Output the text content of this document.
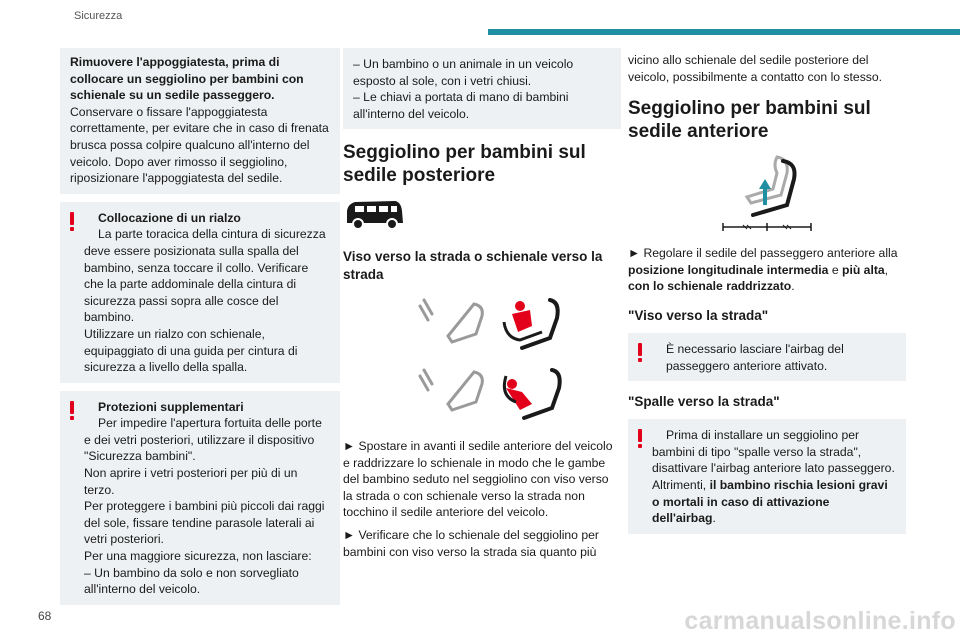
Sicurezza

Rimuovere l'appoggiatesta, prima di collocare un seggiolino per bambini con schienale su un sedile passeggero.
Conservare o fissare l'appoggiatesta correttamente, per evitare che in caso di frenata brusca possa colpire qualcuno all'interno del veicolo. Dopo aver rimosso il seggiolino, riposizionare l'appoggiatesta del sedile.

Collocazione di un rialzo

La parte toracica della cintura di sicurezza deve essere posizionata sulla spalla del bambino, senza toccare il collo. Verificare che la parte addominale della cintura di sicurezza passi sopra alle cosce del bambino.

Utilizzare un rialzo con schienale, equipaggiato di una guida per cintura di sicurezza a livello della spalla.

Protezioni supplementari

Per impedire l'apertura fortuita delle porte e dei vetri posteriori, utilizzare il dispositivo "Sicurezza bambini".

Non aprire i vetri posteriori per più di un terzo.

Per proteggere i bambini più piccoli dai raggi del sole, fissare tendine parasole laterali ai vetri posteriori.

Per una maggiore sicurezza, non lasciare:

– Un bambino da solo e non sorvegliato all'interno del veicolo.

– Un bambino o un animale in un veicolo esposto al sole, con i vetri chiusi.

– Le chiavi a portata di mano di bambini all'interno del veicolo.

Seggiolino per bambini sul sedile posteriore
Viso verso la strada o schienale verso la strada

► Spostare in avanti il sedile anteriore del veicolo e raddrizzare lo schienale in modo che le gambe del bambino seduto nel seggiolino con viso verso la strada o con schienale verso la strada non tocchino il sedile anteriore del veicolo.

► Verificare che lo schienale del seggiolino per bambini con viso verso la strada sia quanto più

vicino allo schienale del sedile posteriore del veicolo, possibilmente a contatto con lo stesso.

Seggiolino per bambini sul sedile anteriore

► Regolare il sedile del passeggero anteriore alla posizione longitudinale intermedia e più alta, con lo schienale raddrizzato.

"Viso verso la strada"

È necessario lasciare l'airbag del passeggero anteriore attivato.

"Spalle verso la strada"

Prima di installare un seggiolino per bambini di tipo "spalle verso la strada", disattivare l'airbag anteriore lato passeggero. Altrimenti, il bambino rischia lesioni gravi o mortali in caso di attivazione dell'airbag.

68	carmanualsonline.info
